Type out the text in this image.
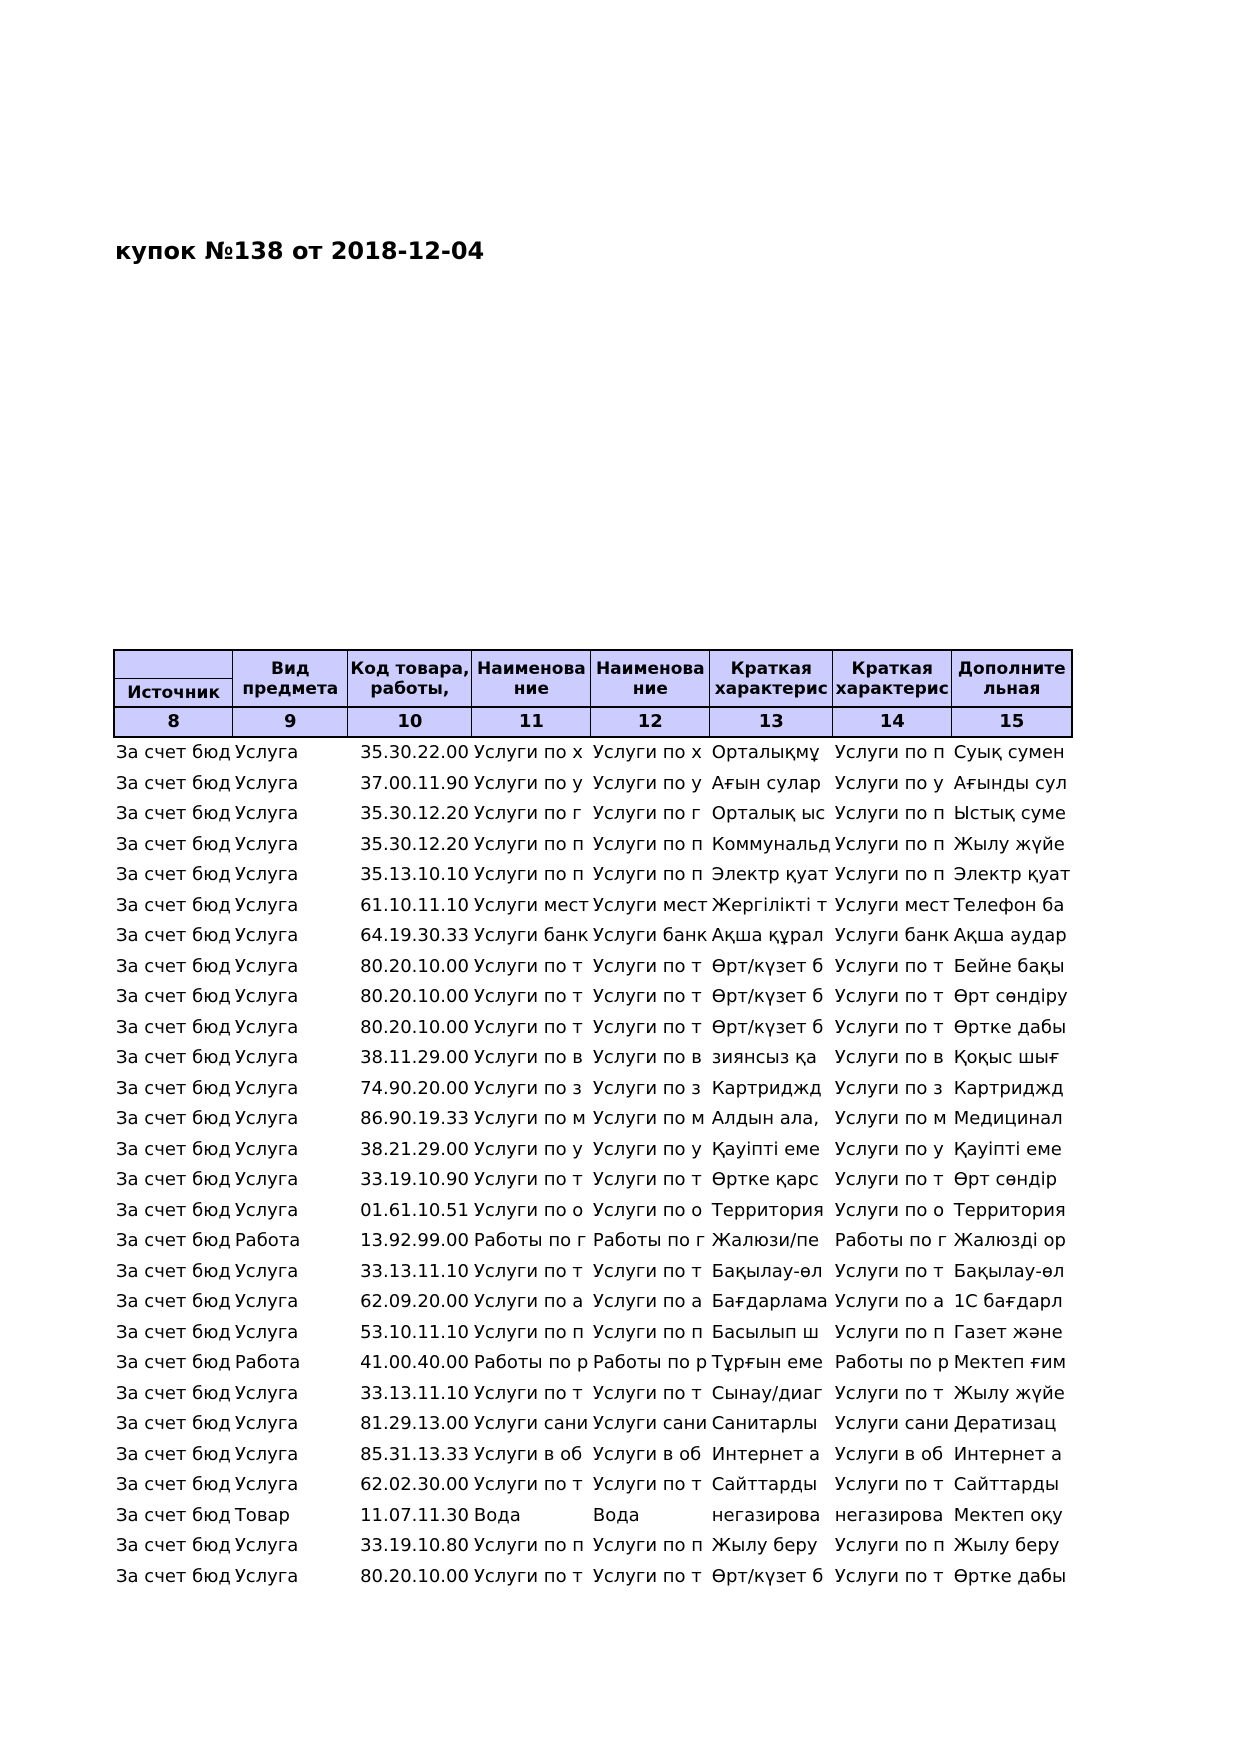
купок №138 от 2018-12-04
	Вид	Код товара,	Наименова	Наименова	Краткая	Краткая	Дополните
Источник	предмета	работы,	ние	ние	характерис	характерис	льная
8	9	10	11	12	13	14	15
За счет бюд	Услуга	35.30.22.00	Услуги по х	Услуги по х	Орталықмұ	Услуги по п	Суық сумен
За счет бюд	Услуга	37.00.11.90	Услуги по у	Услуги по у	Ағын сулар	Услуги по у	Ағынды сул
За счет бюд	Услуга	35.30.12.20	Услуги по г	Услуги по г	Орталық ыс	Услуги по п	Ыстық суме
За счет бюд	Услуга	35.30.12.20	Услуги по п	Услуги по п	Коммунальд	Услуги по п	Жылу жүйе
За счет бюд	Услуга	35.13.10.10	Услуги по п	Услуги по п	Электр қуат	Услуги по п	Электр қуат
За счет бюд	Услуга	61.10.11.10	Услуги мест	Услуги мест	Жергілікті т	Услуги мест	Телефон ба
За счет бюд	Услуга	64.19.30.33	Услуги банк	Услуги банк	Ақша құрал	Услуги банк	Ақша аудар
За счет бюд	Услуга	80.20.10.00	Услуги по т	Услуги по т	Өрт/күзет б	Услуги по т	Бейне бақы
За счет бюд	Услуга	80.20.10.00	Услуги по т	Услуги по т	Өрт/күзет б	Услуги по т	Өрт сөндіру
За счет бюд	Услуга	80.20.10.00	Услуги по т	Услуги по т	Өрт/күзет б	Услуги по т	Өртке дабы
За счет бюд	Услуга	38.11.29.00	Услуги по в	Услуги по в	зиянсыз қа	Услуги по в	Қоқыс шығ
За счет бюд	Услуга	74.90.20.00	Услуги по з	Услуги по з	Картриджд	Услуги по з	Картриджд
За счет бюд	Услуга	86.90.19.33	Услуги по м	Услуги по м	Алдын ала,	Услуги по м	Медицинал
За счет бюд	Услуга	38.21.29.00	Услуги по у	Услуги по у	Қауіпті еме	Услуги по у	Қауіпті еме
За счет бюд	Услуга	33.19.10.90	Услуги по т	Услуги по т	Өртке қарс	Услуги по т	Өрт сөндір
За счет бюд	Услуга	01.61.10.51	Услуги по о	Услуги по о	Территория	Услуги по о	Территория
За счет бюд	Работа	13.92.99.00	Работы по г	Работы по г	Жалюзи/пе	Работы по г	Жалюзді ор
За счет бюд	Услуга	33.13.11.10	Услуги по т	Услуги по т	Бақылау-өл	Услуги по т	Бақылау-өл
За счет бюд	Услуга	62.09.20.00	Услуги по а	Услуги по а	Бағдарлама	Услуги по а	1С бағдарл
За счет бюд	Услуга	53.10.11.10	Услуги по п	Услуги по п	Басылып ш	Услуги по п	Газет және
За счет бюд	Работа	41.00.40.00	Работы по р	Работы по р	Тұрғын еме	Работы по р	Мектеп ғим
За счет бюд	Услуга	33.13.11.10	Услуги по т	Услуги по т	Сынау/диаг	Услуги по т	Жылу жүйе
За счет бюд	Услуга	81.29.13.00	Услуги сани	Услуги сани	Санитарлы	Услуги сани	Дератизац
За счет бюд	Услуга	85.31.13.33	Услуги в об	Услуги в об	Интернет а	Услуги в об	Интернет а
За счет бюд	Услуга	62.02.30.00	Услуги по т	Услуги по т	Сайттарды	Услуги по т	Сайттарды
За счет бюд	Товар	11.07.11.30	Вода	Вода	негазирова	негазирова	Мектеп оқу
За счет бюд	Услуга	33.19.10.80	Услуги по п	Услуги по п	Жылу беру	Услуги по п	Жылу беру
За счет бюд	Услуга	80.20.10.00	Услуги по т	Услуги по т	Өрт/күзет б	Услуги по т	Өртке дабы
